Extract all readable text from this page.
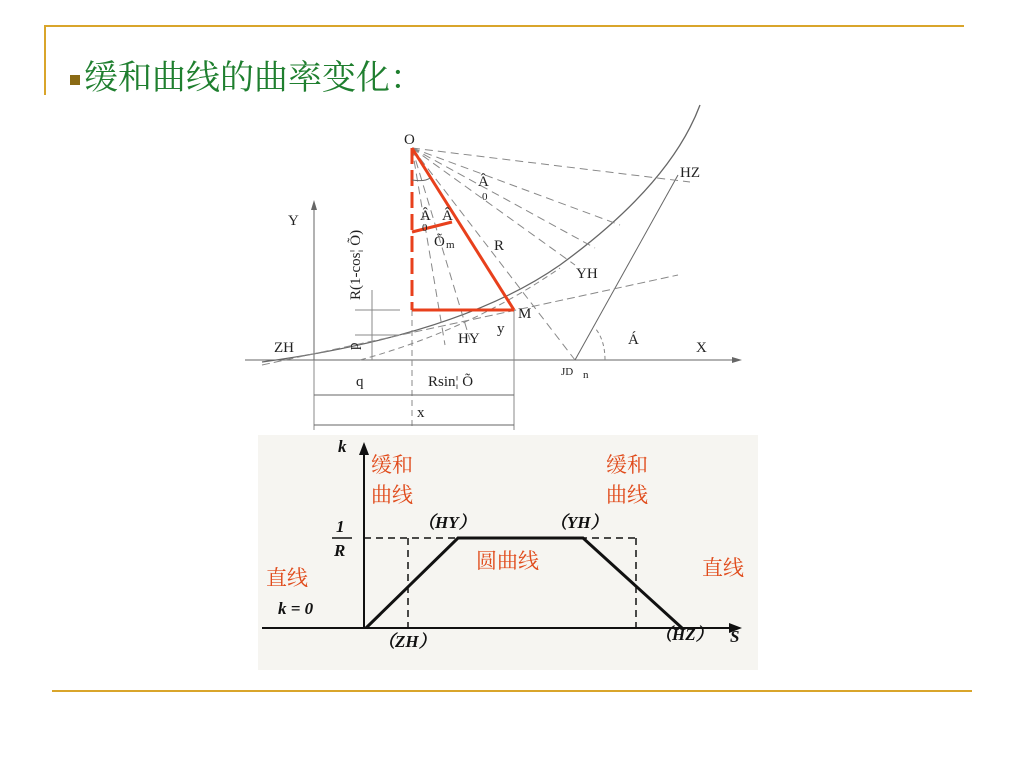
缓和曲线的曲率变化：
O
HZ
Y
YH
R
M
HY
y
ZH	X
p
JD n
q	Rsin¦ Õ
x
R(1-cos¦ Õ)
Â
0
Â
0
Â
Õ m
Á
k
1
R
k = 0
S
（HY）	（YH）
（ZH）	（HZ）
缓和
曲线
缓和
曲线
圆曲线
直线	直线
